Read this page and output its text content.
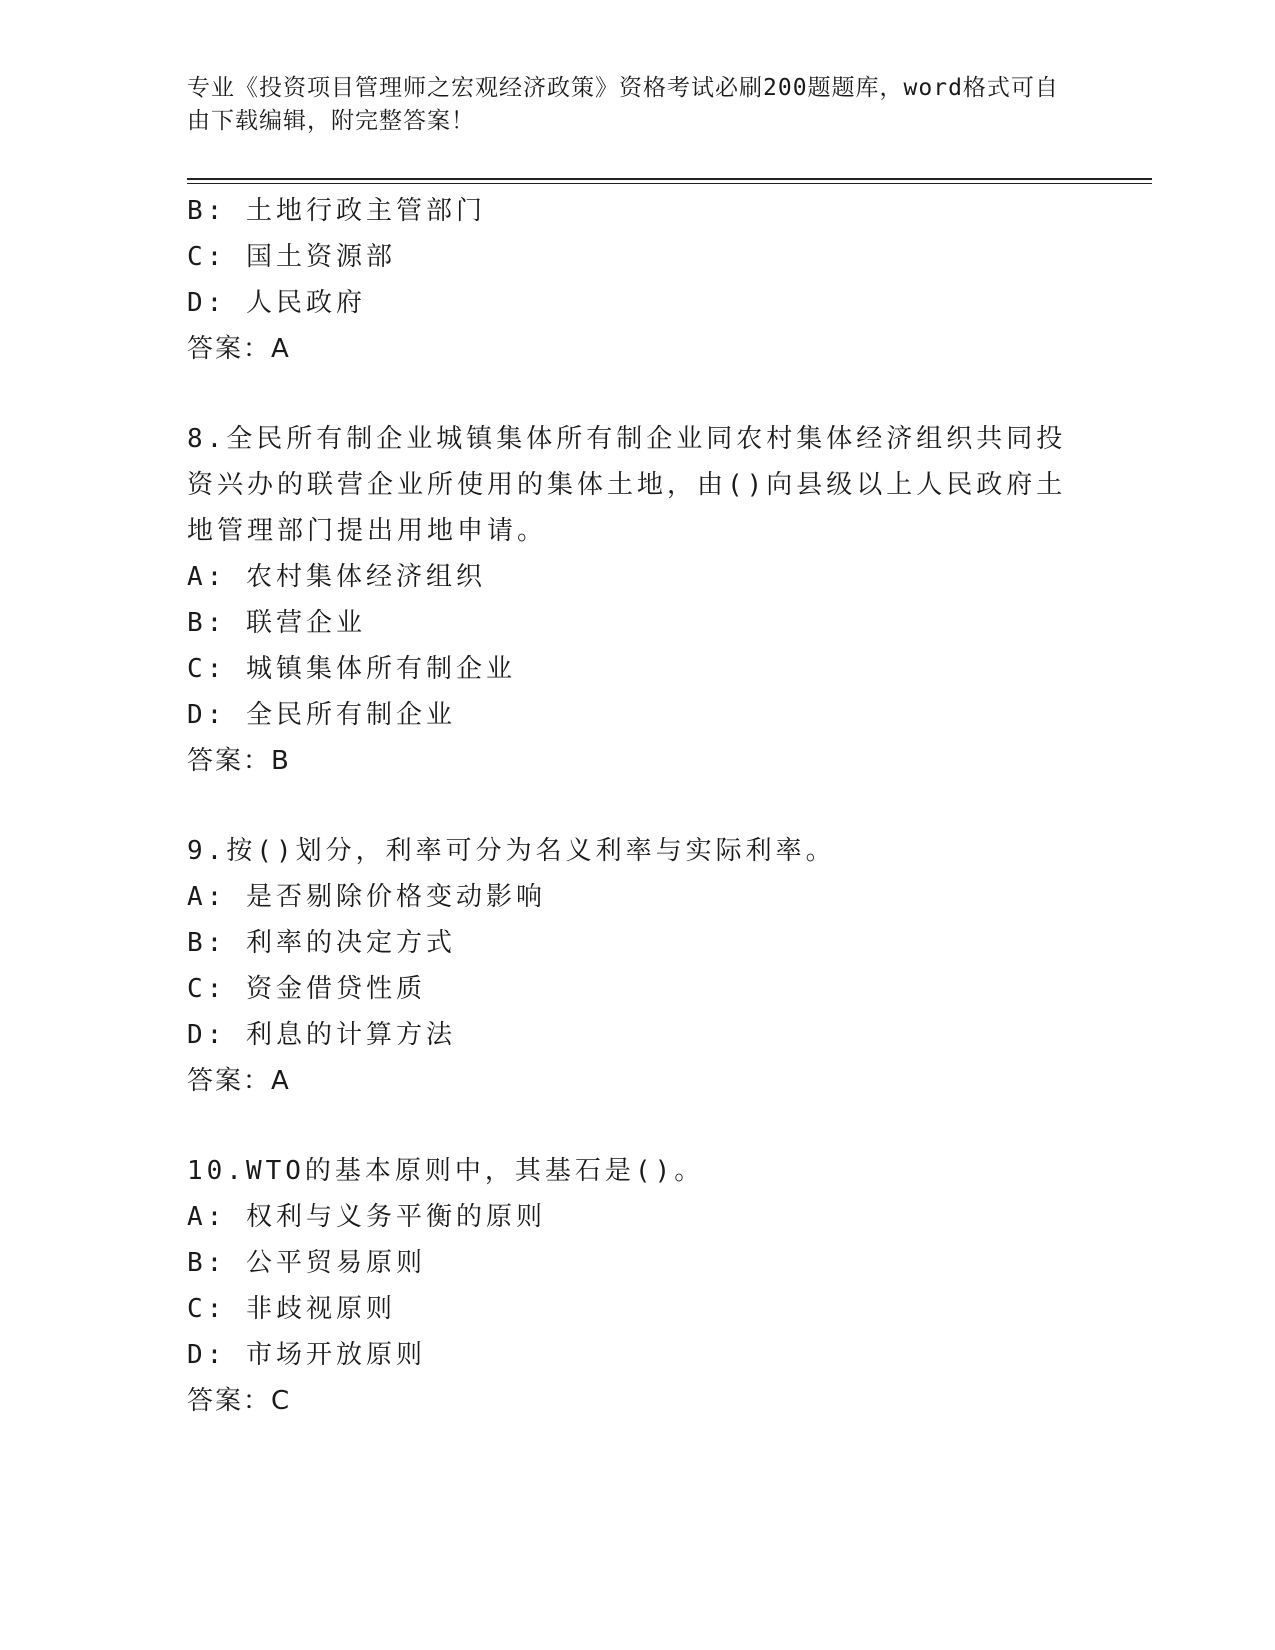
专业《投资项目管理师之宏观经济政策》资格考试必刷200题题库，word格式可自由下载编辑，附完整答案！
B: 土地行政主管部门
C: 国土资源部
D: 人民政府
答案：A
8.全民所有制企业城镇集体所有制企业同农村集体经济组织共同投资兴办的联营企业所使用的集体土地，由()向县级以上人民政府土地管理部门提出用地申请。
A: 农村集体经济组织
B: 联营企业
C: 城镇集体所有制企业
D: 全民所有制企业
答案：B
9.按()划分，利率可分为名义利率与实际利率。
A: 是否剔除价格变动影响
B: 利率的决定方式
C: 资金借贷性质
D: 利息的计算方法
答案：A
10.WTO的基本原则中，其基石是()。
A: 权利与义务平衡的原则
B: 公平贸易原则
C: 非歧视原则
D: 市场开放原则
答案：C
